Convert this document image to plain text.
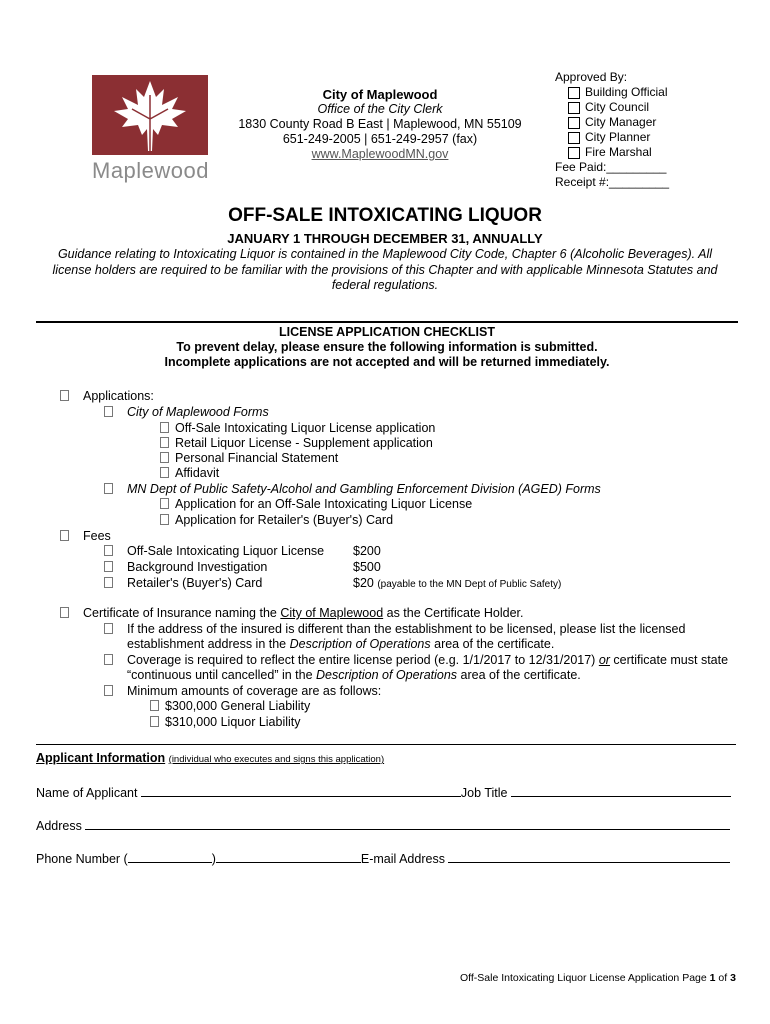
Maplewood
City of Maplewood
Office of the City Clerk
1830 County Road B East | Maplewood, MN 55109
651-249-2005 | 651-249-2957 (fax)
www.MaplewoodMN.gov
Approved By:
Building Official
City Council
City Manager
City Planner
Fire Marshal
Fee Paid:_________
Receipt #:_________
OFF-SALE INTOXICATING LIQUOR
JANUARY 1 THROUGH DECEMBER 31, ANNUALLY
Guidance relating to Intoxicating Liquor is contained in the Maplewood City Code, Chapter 6 (Alcoholic Beverages). All license holders are required to be familiar with the provisions of this Chapter and with applicable Minnesota Statutes and federal regulations.
LICENSE APPLICATION CHECKLIST
To prevent delay, please ensure the following information is submitted.
Incomplete applications are not accepted and will be returned immediately.
Applications:
City of Maplewood Forms
Off-Sale Intoxicating Liquor License application
Retail Liquor License - Supplement application
Personal Financial Statement
Affidavit
MN Dept of Public Safety-Alcohol and Gambling Enforcement Division (AGED) Forms
Application for an Off-Sale Intoxicating Liquor License
Application for Retailer's (Buyer's) Card
Fees
Off-Sale Intoxicating Liquor License $200
Background Investigation	$500
Retailer's (Buyer's) Card	$20 (payable to the MN Dept of Public Safety)
Certificate of Insurance naming the City of Maplewood as the Certificate Holder.
If the address of the insured is different than the establishment to be licensed, please list the licensed
establishment address in the Description of Operations area of the certificate.
Coverage is required to reflect the entire license period (e.g. 1/1/2017 to 12/31/2017) or certificate must state
“continuous until cancelled” in the Description of Operations area of the certificate.
Minimum amounts of coverage are as follows:
$300,000 General Liability
$310,000 Liquor Liability
Applicant Information (individual who executes and signs this application)
Name of Applicant	Job Title
Address
Phone Number (	)	E-mail Address
Off-Sale Intoxicating Liquor License Application Page 1 of 3
